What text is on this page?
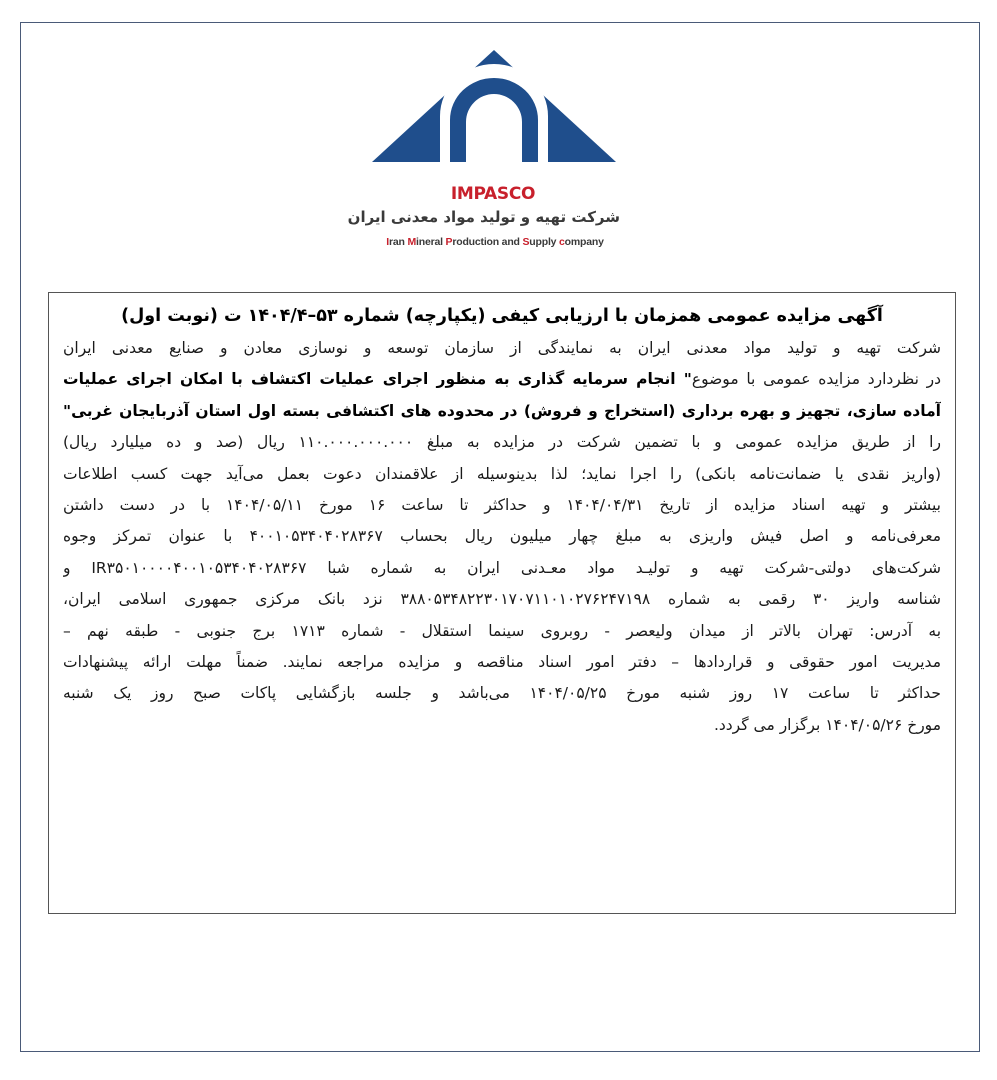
IMPASCO
شرکت تهیه و تولید مواد معدنی ایران
Iran Mineral Production and Supply company
آگهی مزایده عمومی همزمان با ارزیابی کیفی (یکپارچه) شماره ۵۳–۱۴۰۴/۴ ت (نوبت اول)
شرکت تهیه و تولید مواد معدنی ایران به نمایندگی از سازمان توسعه و نوسازی معادن و صنایع معدنی ایران
در نظردارد مزایده عمومی با موضوع" انجام سرمایه گذاری به منظور اجرای عملیات اکتشاف با امکان اجرای عملیات
آماده سازی، تجهیز و بهره برداری (استخراج و فروش) در محدوده های اکتشافی بسته اول استان آذربایجان غربی"
را از طریق مزایده عمومی و با تضمین شرکت در مزایده به مبلغ ۱۱۰.۰۰۰.۰۰۰.۰۰۰ ریال (صد و ده میلیارد ریال)
(واریز نقدی یا ضمانت‌نامه بانکی) را اجرا نماید؛ لذا بدینوسیله از علاقمندان دعوت بعمل می‌آید جهت کسب اطلاعات
بیشتر و تهیه اسناد مزایده از تاریخ ۱۴۰۴/۰۴/۳۱ و حداکثر تا ساعت ۱۶ مورخ ۱۴۰۴/۰۵/۱۱ با در دست داشتن
معرفی‌نامه و اصل فیش واریزی به مبلغ چهار میلیون ریال بحساب ۴۰۰۱۰۵۳۴۰۴۰۲۸۳۶۷ با عنوان تمرکز وجوه
شرکت‌های دولتی-شرکت تهیه و تولیـد مواد معـدنی ایران به شماره شبا IR۳۵۰۱۰۰۰۰۴۰۰۱۰۵۳۴۰۴۰۲۸۳۶۷ و
شناسه واریز ۳۰ رقمی به شماره ۳۸۸۰۵۳۴۸۲۲۳۰۱۷۰۷۱۱۰۱۰۲۷۶۲۴۷۱۹۸ نزد بانک مرکزی جمهوری اسلامی ایران،
به آدرس: تهران بالاتر از میدان ولیعصر - روبروی سینما استقلال - شماره ۱۷۱۳ برج جنوبی - طبقه نهم –
مدیریت امور حقوقی و قراردادها – دفتر امور اسناد مناقصه و مزایده مراجعه نمایند. ضمناً مهلت ارائه پیشنهادات
حداکثر تا ساعت ۱۷ روز شنبه مورخ ۱۴۰۴/۰۵/۲۵ می‌باشد و جلسه بازگشایی پاکات صبح روز یک شنبه
مورخ ۱۴۰۴/۰۵/۲۶ برگزار می گردد.
